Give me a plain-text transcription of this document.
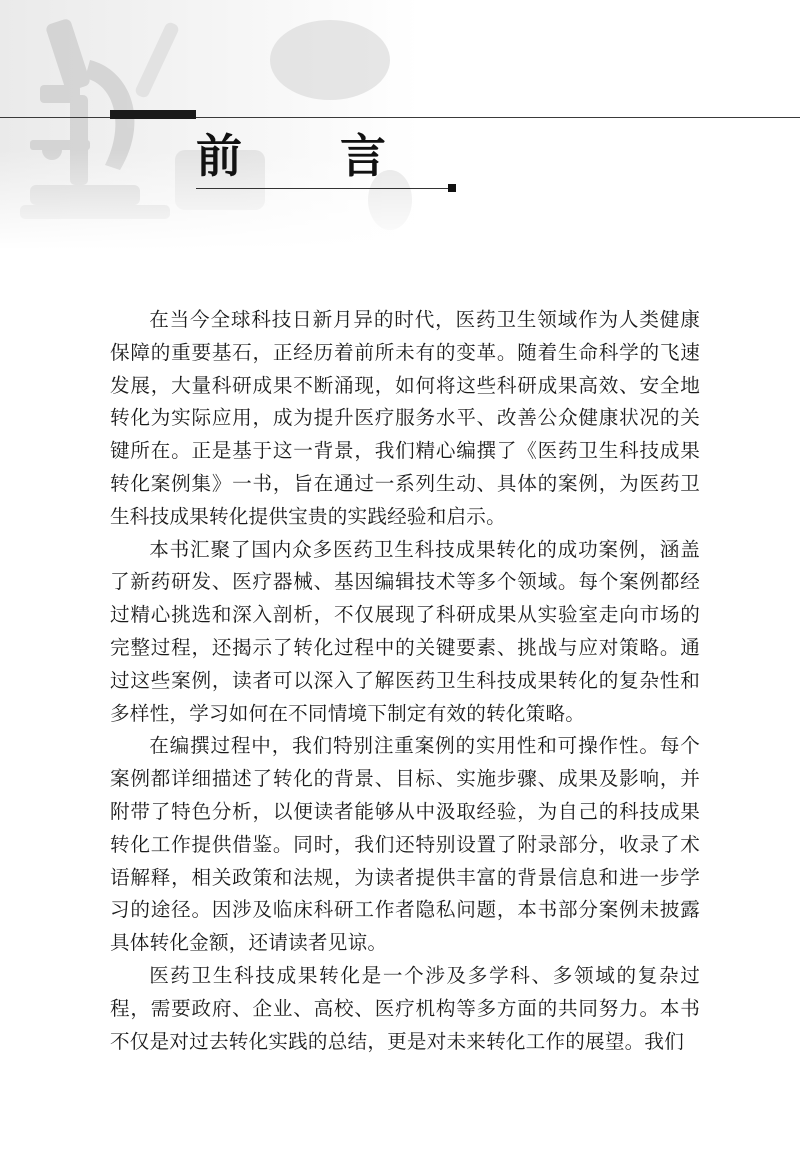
前　言

在当今全球科技日新月异的时代，医药卫生领域作为人类健康保障的重要基石，正经历着前所未有的变革。随着生命科学的飞速发展，大量科研成果不断涌现，如何将这些科研成果高效、安全地转化为实际应用，成为提升医疗服务水平、改善公众健康状况的关键所在。正是基于这一背景，我们精心编撰了《医药卫生科技成果转化案例集》一书，旨在通过一系列生动、具体的案例，为医药卫生科技成果转化提供宝贵的实践经验和启示。

本书汇聚了国内众多医药卫生科技成果转化的成功案例，涵盖了新药研发、医疗器械、基因编辑技术等多个领域。每个案例都经过精心挑选和深入剖析，不仅展现了科研成果从实验室走向市场的完整过程，还揭示了转化过程中的关键要素、挑战与应对策略。通过这些案例，读者可以深入了解医药卫生科技成果转化的复杂性和多样性，学习如何在不同情境下制定有效的转化策略。

在编撰过程中，我们特别注重案例的实用性和可操作性。每个案例都详细描述了转化的背景、目标、实施步骤、成果及影响，并附带了特色分析，以便读者能够从中汲取经验，为自己的科技成果转化工作提供借鉴。同时，我们还特别设置了附录部分，收录了术语解释，相关政策和法规，为读者提供丰富的背景信息和进一步学习的途径。因涉及临床科研工作者隐私问题，本书部分案例未披露具体转化金额，还请读者见谅。

医药卫生科技成果转化是一个涉及多学科、多领域的复杂过程，需要政府、企业、高校、医疗机构等多方面的共同努力。本书不仅是对过去转化实践的总结，更是对未来转化工作的展望。我们
